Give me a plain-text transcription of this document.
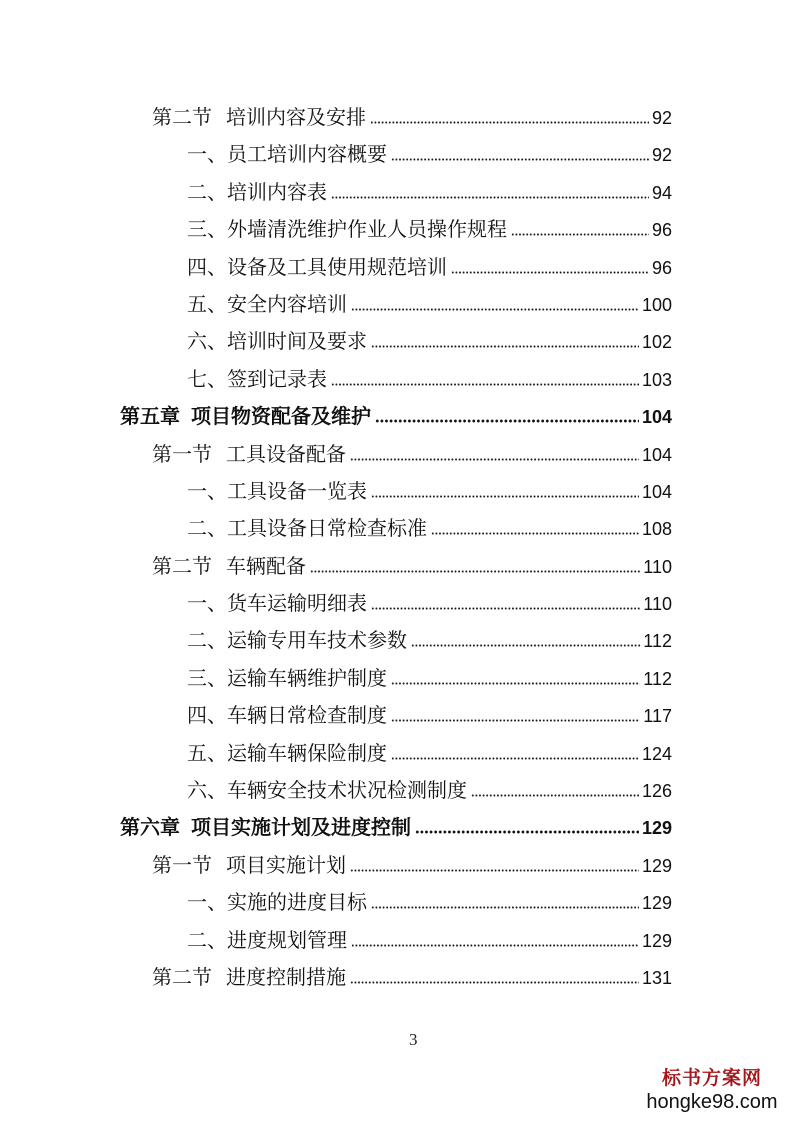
第二节 培训内容及安排	92
一、员工培训内容概要	92
二、培训内容表	94
三、外墙清洗维护作业人员操作规程	96
四、设备及工具使用规范培训	96
五、安全内容培训	100
六、培训时间及要求	102
七、签到记录表	103
第五章 项目物资配备及维护	104
第一节 工具设备配备	104
一、工具设备一览表	104
二、工具设备日常检查标准	108
第二节 车辆配备	110
一、货车运输明细表	110
二、运输专用车技术参数	112
三、运输车辆维护制度	112
四、车辆日常检查制度	117
五、运输车辆保险制度	124
六、车辆安全技术状况检测制度	126
第六章 项目实施计划及进度控制	129
第一节 项目实施计划	129
一、实施的进度目标	129
二、进度规划管理	129
第二节 进度控制措施	131
3
标书方案网
hongke98.com
